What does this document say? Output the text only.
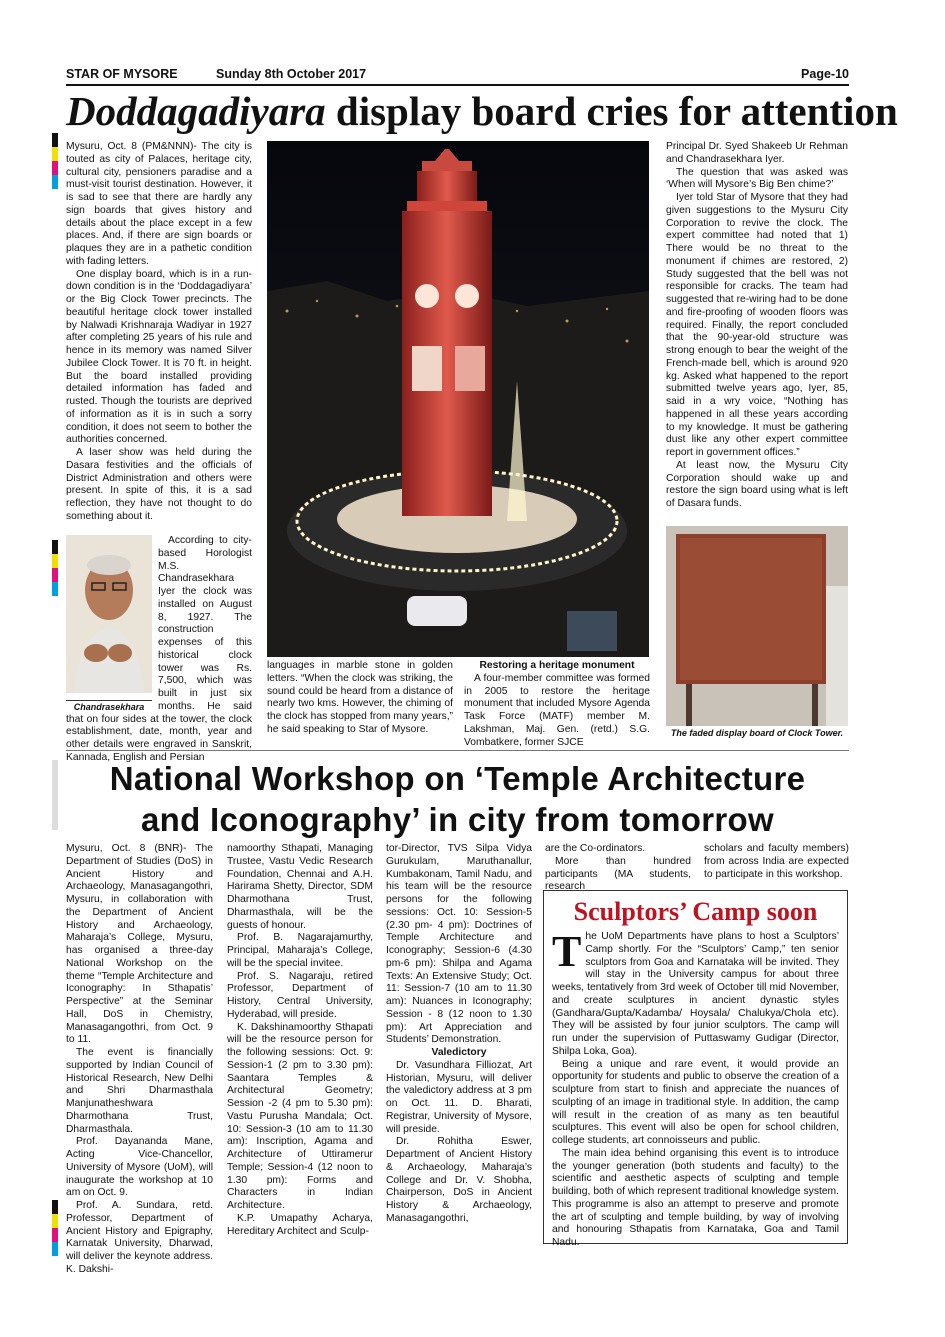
STAR OF MYSORE	Sunday 8th October 2017	Page-10
Doddagadiyara display board cries for attention

Mysuru, Oct. 8 (PM&NNN)- The city is touted as city of Palaces, heritage city, cultural city, pensioners paradise and a must-visit tourist destination. However, it is sad to see that there are hardly any sign boards that gives history and details about the place except in a few places. And, if there are sign boards or plaques they are in a pathetic condition with fading letters.

One display board, which is in a run-down condition is in the ‘Doddagadiyara’ or the Big Clock Tower precincts. The beautiful heritage clock tower installed by Nalwadi Krishnaraja Wadiyar in 1927 after completing 25 years of his rule and hence in its memory was named Silver Jubilee Clock Tower. It is 70 ft. in height. But the board installed providing detailed information has faded and rusted. Though the tourists are deprived of information as it is in such a sorry condition, it does not seem to bother the authorities concerned.

A laser show was held during the Dasara festivities and the officials of District Administration and others were present. In spite of this, it is a sad reflection, they have not thought to do something about it.

Chandrasekhara

According to city-based Horologist M.S. Chandrasekhara Iyer the clock was installed on August 8, 1927. The construction expenses of this historical clock tower was Rs. 7,500, which was built in just six months. He said that on four sides at the tower, the clock establishment, date, month, year and other details were engraved in Sanskrit, Kannada, English and Persian

languages in marble stone in golden letters. “When the clock was striking, the sound could be heard from a distance of nearly two kms. However, the chiming of the clock has stopped from many years,” he said speaking to Star of Mysore.

Restoring a heritage monument

A four-member committee was formed in 2005 to restore the heritage monument that included Mysore Agenda Task Force (MATF) member M. Lakshman, Maj. Gen. (retd.) S.G. Vombatkere, former SJCE

Principal Dr. Syed Shakeeb Ur Rehman and Chandrasekhara Iyer.

The question that was asked was ‘When will Mysore’s Big Ben chime?’

Iyer told Star of Mysore that they had given suggestions to the Mysuru City Corporation to revive the clock. The expert committee had noted that 1) There would be no threat to the monument if chimes are restored, 2) Study suggested that the bell was not responsible for cracks. The team had suggested that re-wiring had to be done and fire-proofing of wooden floors was required. Finally, the report concluded that the 90-year-old structure was strong enough to bear the weight of the French-made bell, which is around 920 kg. Asked what happened to the report submitted twelve years ago, Iyer, 85, said in a wry voice, “Nothing has happened in all these years according to my knowledge. It must be gathering dust like any other expert committee report in government offices.”

At least now, the Mysuru City Corporation should wake up and restore the sign board using what is left of Dasara funds.

The faded display board of Clock Tower.
National Workshop on ‘Temple Architecture
and Iconography’ in city from tomorrow

Mysuru, Oct. 8 (BNR)- The Department of Studies (DoS) in Ancient History and Archaeology, Manasagangothri, Mysuru, in collaboration with the Department of Ancient History and Archaeology, Maharaja’s College, Mysuru, has organised a three-day National Workshop on the theme “Temple Architecture and Iconography: In Sthapatis’ Perspective” at the Seminar Hall, DoS in Chemistry, Manasagangothri, from Oct. 9 to 11.

The event is financially supported by Indian Council of Historical Research, New Delhi and Shri Dharmasthala Manjunatheshwara Dharmothana Trust, Dharmasthala.

Prof. Dayananda Mane, Acting Vice-Chancellor, University of Mysore (UoM), will inaugurate the workshop at 10 am on Oct. 9.

Prof. A. Sundara, retd. Professor, Department of Ancient History and Epigraphy, Karnatak University, Dharwad, will deliver the keynote address. K. Dakshi-

namoorthy Sthapati, Managing Trustee, Vastu Vedic Research Foundation, Chennai and A.H. Harirama Shetty, Director, SDM Dharmothana Trust, Dharmasthala, will be the guests of honour.

Prof. B. Nagarajamurthy, Principal, Maharaja’s College, will be the special invitee.

Prof. S. Nagaraju, retired Professor, Department of History, Central University, Hyderabad, will preside.

K. Dakshinamoorthy Sthapati will be the resource person for the following sessions: Oct. 9: Session-1 (2 pm to 3.30 pm): Saantara Temples & Architectural Geometry; Session -2 (4 pm to 5.30 pm): Vastu Purusha Mandala; Oct. 10: Session-3 (10 am to 11.30 am): Inscription, Agama and Architecture of Uttiramerur Temple; Session-4 (12 noon to 1.30 pm): Forms and Characters in Indian Architecture.

K.P. Umapathy Acharya, Hereditary Architect and Sculp-

tor-Director, TVS Silpa Vidya Gurukulam, Maruthanallur, Kumbakonam, Tamil Nadu, and his team will be the resource persons for the following sessions: Oct. 10: Session-5 (2.30 pm- 4 pm): Doctrines of Temple Architecture and Iconography; Session-6 (4.30 pm-6 pm): Shilpa and Agama Texts: An Extensive Study; Oct. 11: Session-7 (10 am to 11.30 am): Nuances in Iconography; Session - 8 (12 noon to 1.30 pm): Art Appreciation and Students’ Demonstration.

Valedictory

Dr. Vasundhara Filliozat, Art Historian, Mysuru, will deliver the valedictory address at 3 pm on Oct. 11. D. Bharati, Registrar, University of Mysore, will preside.

Dr. Rohitha Eswer, Department of Ancient History & Archaeology, Maharaja’s College and Dr. V. Shobha, Chairperson, DoS in Ancient History & Archaeology, Manasagangothri,

are the Co-ordinators.

More than hundred participants (MA students, research

scholars and faculty members) from across India are expected to participate in this workshop.

Sculptors’ Camp soon
T he UoM Departments have plans to host a Sculptors’ Camp shortly. For the “Sculptors’ Camp,” ten senior sculptors from Goa and Karnataka will be invited. They will stay in the University campus for about three weeks, tentatively from 3rd week of October till mid November, and create sculptures in ancient dynastic styles (Gandhara/Gupta/Kadamba/ Hoysala/ Chalukya/Chola etc). They will be assisted by four junior sculptors. The camp will run under the supervision of Puttaswamy Gudigar (Director, Shilpa Loka, Goa).

Being a unique and rare event, it would provide an opportunity for students and public to observe the creation of a sculpture from start to finish and appreciate the nuances of sculpting of an image in traditional style. In addition, the camp will result in the creation of as many as ten beautiful sculptures. This event will also be open for school children, college students, art connoisseurs and public.

The main idea behind organising this event is to introduce the younger generation (both students and faculty) to the scientific and aesthetic aspects of sculpting and temple building, both of which represent traditional knowledge system. This programme is also an attempt to preserve and promote the art of sculpting and temple building, by way of involving and honouring Sthapatis from Karnataka, Goa and Tamil Nadu.
